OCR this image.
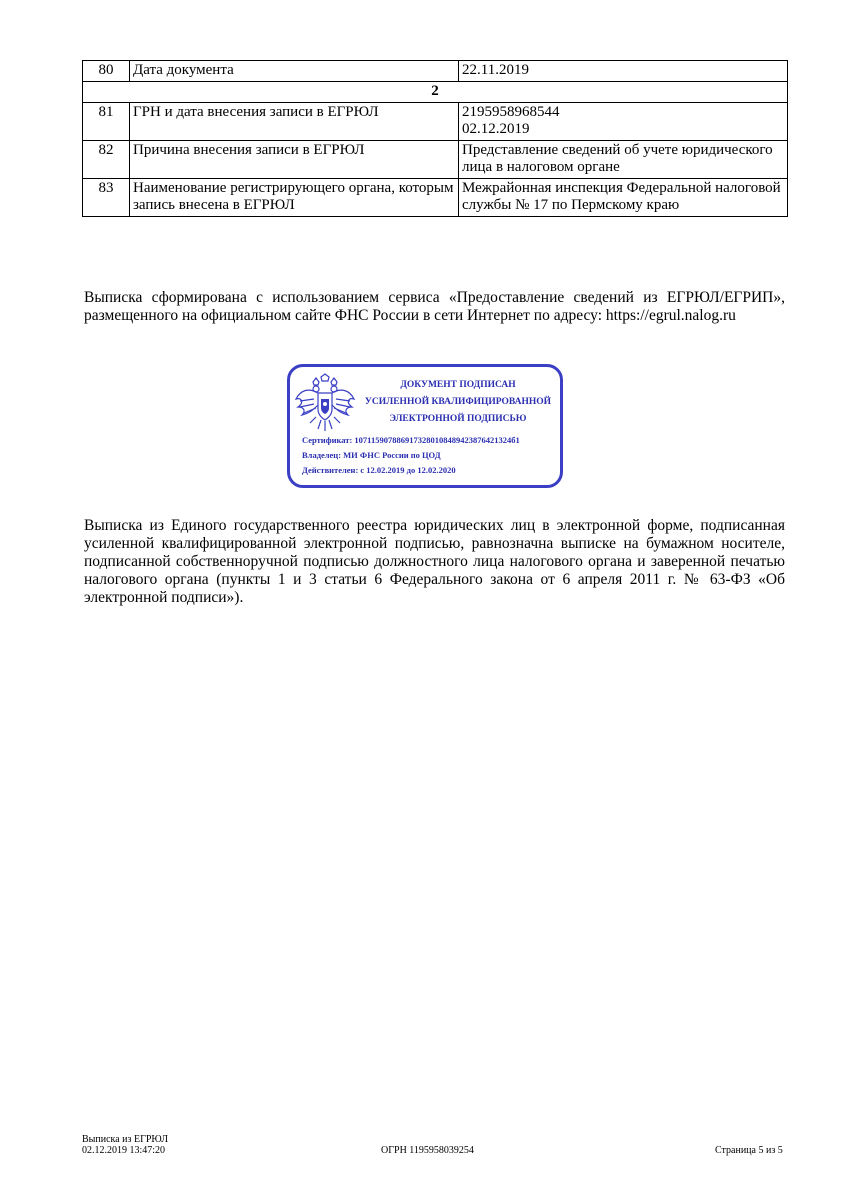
80	Дата документа	22.11.2019
2		
81	ГРН и дата внесения записи в ЕГРЮЛ	2195958968544
02.12.2019

82	Причина внесения записи в ЕГРЮЛ	Представление сведений об учете юридического лица в налоговом органе
83	Наименование регистрирующего органа, которым запись внесена в ЕГРЮЛ	Межрайонная инспекция Федеральной налоговой службы № 17 по Пермскому краю

Выписка сформирована с использованием сервиса «Предоставление сведений из ЕГРЮЛ/ЕГРИП», размещенного на официальном сайте ФНС России в сети Интернет по адресу: https://egrul.nalog.ru

ДОКУМЕНТ ПОДПИСАН
УСИЛЕННОЙ КВАЛИФИЦИРОВАННОЙ
ЭЛЕКТРОННОЙ ПОДПИСЬЮ
Сертификат: 1071159078869173280108489423876421324б1
Владелец: МИ ФНС России по ЦОД
Действителен: с 12.02.2019 до 12.02.2020

Выписка из Единого государственного реестра юридических лиц в электронной форме, подписанная усиленной квалифицированной электронной подписью, равнозначна выписке на бумажном носителе, подписанной собственноручной подписью должностного лица налогового органа и заверенной печатью налогового органа (пункты 1 и 3 статьи 6 Федерального закона от 6 апреля 2011 г. № 63-ФЗ «Об электронной подписи»).

Выписка из ЕГРЮЛ
02.12.2019 13:47:20	ОГРН 1195958039254	Страница 5 из 5
